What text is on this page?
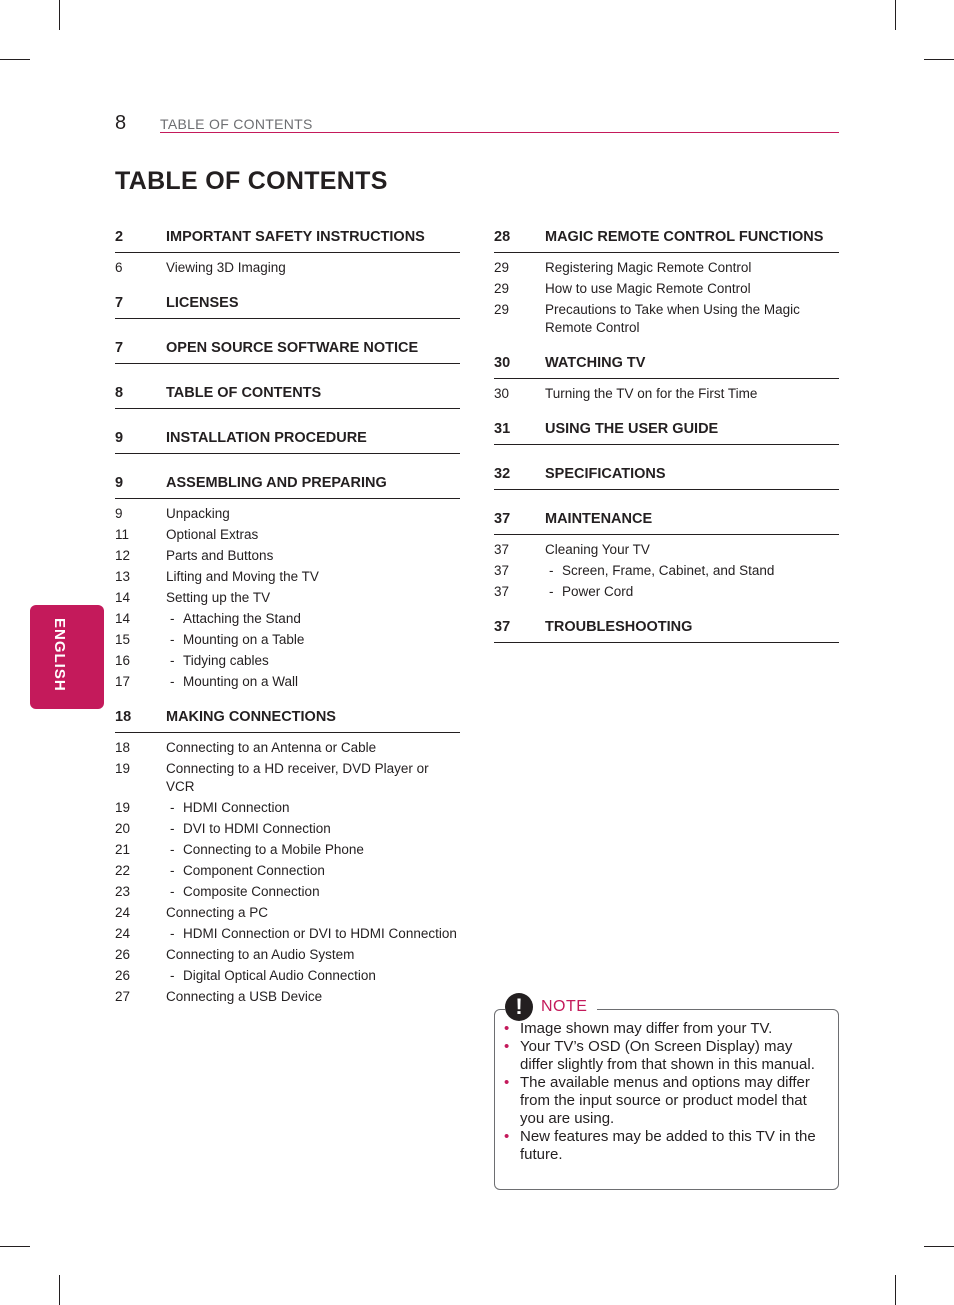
8 TABLE OF CONTENTS
TABLE OF CONTENTS
2	IMPORTANT SAFETY INSTRUCTIONS
6	Viewing 3D Imaging
7	LICENSES
7	OPEN SOURCE SOFTWARE NOTICE
8	TABLE OF CONTENTS
9	INSTALLATION PROCEDURE
9	ASSEMBLING AND PREPARING
9	Unpacking
11	Optional Extras
12	Parts and Buttons
13	Lifting and Moving the TV
14	Setting up the TV
14	- Attaching the Stand
15	- Mounting on a Table
16	- Tidying cables
17	- Mounting on a Wall
18	MAKING CONNECTIONS
18	Connecting to an Antenna or Cable
19	Connecting to a HD receiver, DVD Player or VCR
19	- HDMI Connection
20	- DVI to HDMI Connection
21	- Connecting to a Mobile Phone
22	- Component Connection
23	- Composite Connection
24	Connecting a PC
24	- HDMI Connection or DVI to HDMI Connection
26	Connecting to an Audio System
26	- Digital Optical Audio Connection
27	Connecting a USB Device
28	MAGIC REMOTE CONTROL FUNCTIONS
29	Registering Magic Remote Control
29	How to use Magic Remote Control
29	Precautions to Take when Using the Magic Remote Control
30	WATCHING TV
30	Turning the TV on for the First Time
31	USING THE USER GUIDE
32	SPECIFICATIONS
37	MAINTENANCE
37	Cleaning Your TV
37	- Screen, Frame, Cabinet, and Stand
37	- Power Cord
37	TROUBLESHOOTING
!	NOTE
• Image shown may differ from your TV.
• Your TV’s OSD (On Screen Display) may differ slightly from that shown in this manual.
• The available menus and options may differ from the input source or product model that you are using.
• New features may be added to this TV in the future.
